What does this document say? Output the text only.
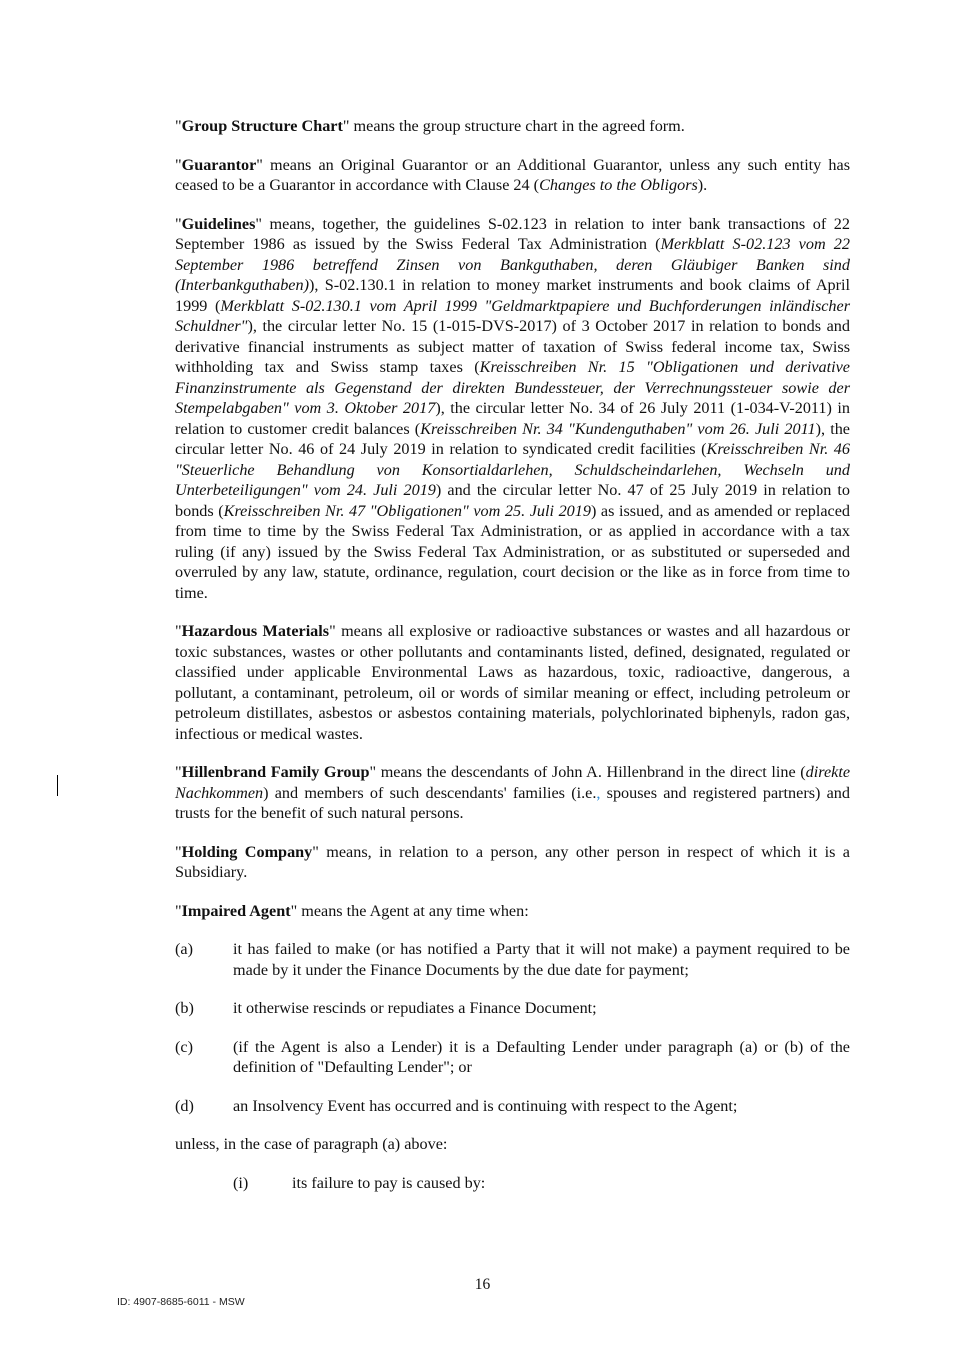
"Group Structure Chart" means the group structure chart in the agreed form.

"Guarantor" means an Original Guarantor or an Additional Guarantor, unless any such entity has ceased to be a Guarantor in accordance with Clause 24 (Changes to the Obligors).

"Guidelines" means, together, the guidelines S-02.123 in relation to inter bank transactions of 22 September 1986 as issued by the Swiss Federal Tax Administration (Merkblatt S-02.123 vom 22 September 1986 betreffend Zinsen von Bankguthaben, deren Gläubiger Banken sind (Interbankguthaben)), S-02.130.1 in relation to money market instruments and book claims of April 1999 (Merkblatt S-02.130.1 vom April 1999 "Geldmarktpapiere und Buchforderungen inländischer Schuldner"), the circular letter No. 15 (1-015-DVS-2017) of 3 October 2017 in relation to bonds and derivative financial instruments as subject matter of taxation of Swiss federal income tax, Swiss withholding tax and Swiss stamp taxes (Kreisschreiben Nr. 15 "Obligationen und derivative Finanzinstrumente als Gegenstand der direkten Bundessteuer, der Verrechnungssteuer sowie der Stempelabgaben" vom 3. Oktober 2017), the circular letter No. 34 of 26 July 2011 (1-034-V-2011) in relation to customer credit balances (Kreisschreiben Nr. 34 "Kundenguthaben" vom 26. Juli 2011), the circular letter No. 46 of 24 July 2019 in relation to syndicated credit facilities (Kreisschreiben Nr. 46 "Steuerliche Behandlung von Konsortialdarlehen, Schuldscheindarlehen, Wechseln und Unterbeteiligungen" vom 24. Juli 2019) and the circular letter No. 47 of 25 July 2019 in relation to bonds (Kreisschreiben Nr. 47 "Obligationen" vom 25. Juli 2019) as issued, and as amended or replaced from time to time by the Swiss Federal Tax Administration, or as applied in accordance with a tax ruling (if any) issued by the Swiss Federal Tax Administration, or as substituted or superseded and overruled by any law, statute, ordinance, regulation, court decision or the like as in force from time to time.

"Hazardous Materials" means all explosive or radioactive substances or wastes and all hazardous or toxic substances, wastes or other pollutants and contaminants listed, defined, designated, regulated or classified under applicable Environmental Laws as hazardous, toxic, radioactive, dangerous, a pollutant, a contaminant, petroleum, oil or words of similar meaning or effect, including petroleum or petroleum distillates, asbestos or asbestos containing materials, polychlorinated biphenyls, radon gas, infectious or medical wastes.

"Hillenbrand Family Group" means the descendants of John A. Hillenbrand in the direct line (direkte Nachkommen) and members of such descendants' families (i.e., spouses and registered partners) and trusts for the benefit of such natural persons.

"Holding Company" means, in relation to a person, any other person in respect of which it is a Subsidiary.

"Impaired Agent" means the Agent at any time when:

(a) it has failed to make (or has notified a Party that it will not make) a payment required to be made by it under the Finance Documents by the due date for payment;
(b) it otherwise rescinds or repudiates a Finance Document;
(c) (if the Agent is also a Lender) it is a Defaulting Lender under paragraph (a) or (b) of the definition of "Defaulting Lender"; or
(d) an Insolvency Event has occurred and is continuing with respect to the Agent;

unless, in the case of paragraph (a) above:

(i)	its failure to pay is caused by:
16
ID: 4907-8685-6011 - MSW
